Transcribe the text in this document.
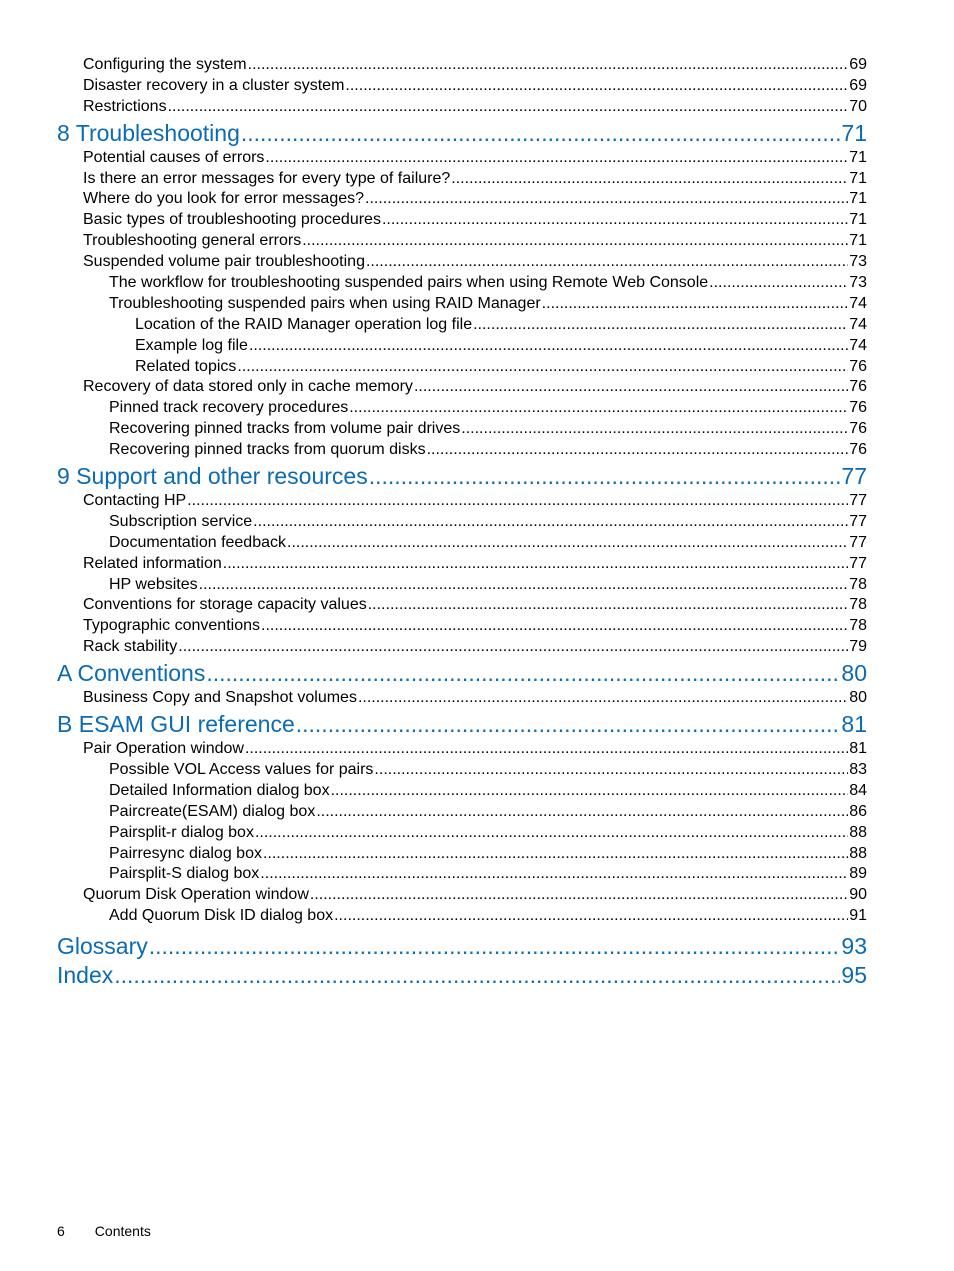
Configuring the system .....	69
Disaster recovery in a cluster system .....	69
Restrictions .....	70
8 Troubleshooting .....	71
Potential causes of errors .....	71
Is there an error messages for every type of failure? .....	71
Where do you look for error messages? .....	71
Basic types of troubleshooting procedures .....	71
Troubleshooting general errors .....	71
Suspended volume pair troubleshooting .....	73
The workflow for troubleshooting suspended pairs when using Remote Web Console .....	73
Troubleshooting suspended pairs when using RAID Manager .....	74
Location of the RAID Manager operation log file .....	74
Example log file .....	74
Related topics .....	76
Recovery of data stored only in cache memory .....	76
Pinned track recovery procedures .....	76
Recovering pinned tracks from volume pair drives .....	76
Recovering pinned tracks from quorum disks .....	76
9 Support and other resources .....	77
Contacting HP .....	77
Subscription service .....	77
Documentation feedback .....	77
Related information .....	77
HP websites .....	78
Conventions for storage capacity values .....	78
Typographic conventions .....	78
Rack stability .....	79
A Conventions .....	80
Business Copy and Snapshot volumes .....	80
B ESAM GUI reference .....	81
Pair Operation window .....	81
Possible VOL Access values for pairs .....	83
Detailed Information dialog box .....	84
Paircreate(ESAM) dialog box .....	86
Pairsplit-r dialog box .....	88
Pairresync dialog box .....	88
Pairsplit-S dialog box .....	89
Quorum Disk Operation window .....	90
Add Quorum Disk ID dialog box .....	91
Glossary .....	93
Index .....	95
6 Contents
